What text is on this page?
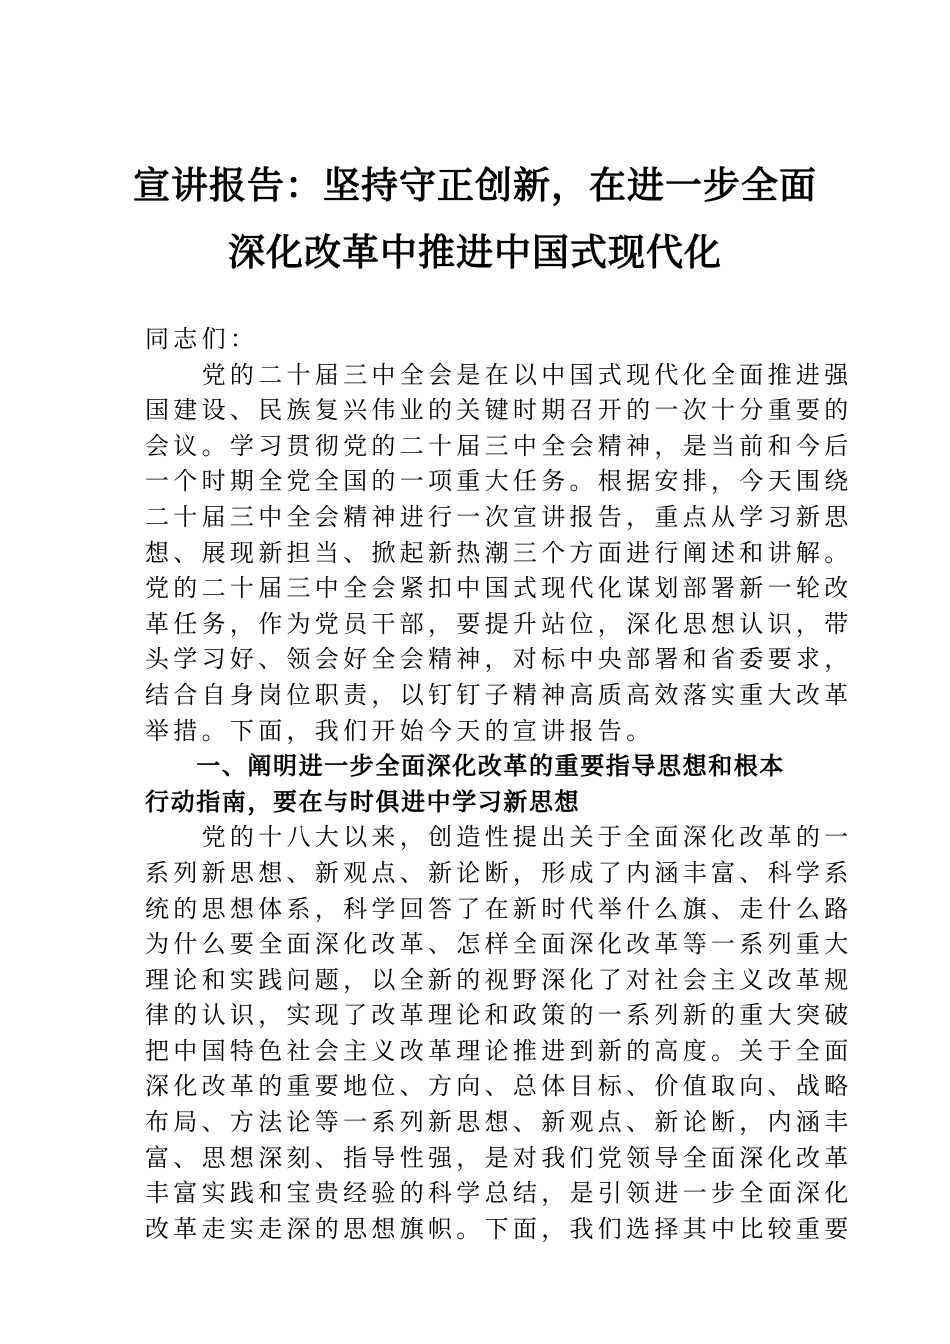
宣讲报告：坚持守正创新，在进一步全面
深化改革中推进中国式现代化
同志们：
　　党的二十届三中全会是在以中国式现代化全面推进强
国建设、民族复兴伟业的关键时期召开的一次十分重要的
会议。学习贯彻党的二十届三中全会精神，是当前和今后
一个时期全党全国的一项重大任务。根据安排，今天围绕
二十届三中全会精神进行一次宣讲报告，重点从学习新思
想、展现新担当、掀起新热潮三个方面进行阐述和讲解。
党的二十届三中全会紧扣中国式现代化谋划部署新一轮改
革任务，作为党员干部，要提升站位，深化思想认识，带
头学习好、领会好全会精神，对标中央部署和省委要求，
结合自身岗位职责，以钉钉子精神高质高效落实重大改革
举措。下面，我们开始今天的宣讲报告。
　　一、阐明进一步全面深化改革的重要指导思想和根本
行动指南，要在与时俱进中学习新思想
　　党的十八大以来，创造性提出关于全面深化改革的一
系列新思想、新观点、新论断，形成了内涵丰富、科学系
统的思想体系，科学回答了在新时代举什么旗、走什么路
为什么要全面深化改革、怎样全面深化改革等一系列重大
理论和实践问题，以全新的视野深化了对社会主义改革规
律的认识，实现了改革理论和政策的一系列新的重大突破
把中国特色社会主义改革理论推进到新的高度。关于全面
深化改革的重要地位、方向、总体目标、价值取向、战略
布局、方法论等一系列新思想、新观点、新论断，内涵丰
富、思想深刻、指导性强，是对我们党领导全面深化改革
丰富实践和宝贵经验的科学总结，是引领进一步全面深化
改革走实走深的思想旗帜。下面，我们选择其中比较重要
